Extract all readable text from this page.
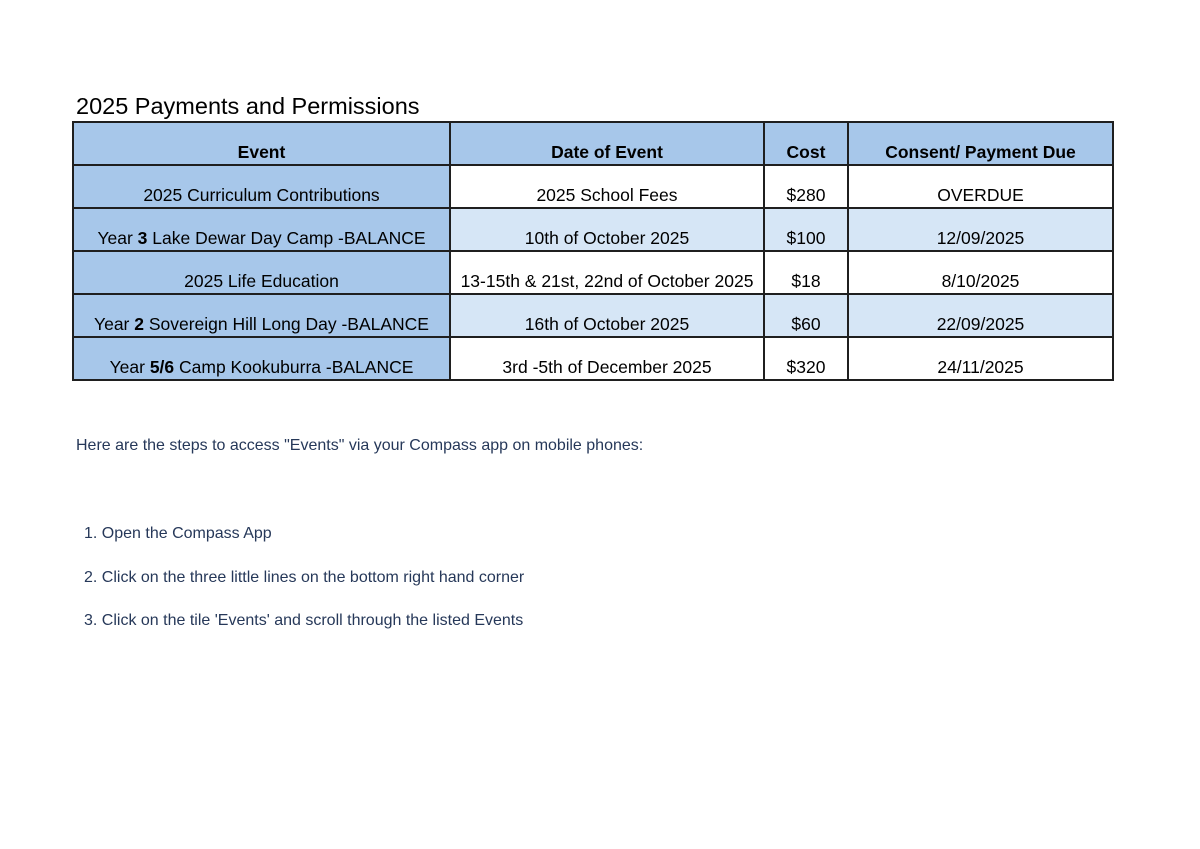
2025 Payments and Permissions
Event	Date of Event	Cost	Consent/ Payment Due
2025 Curriculum Contributions	2025 School Fees	$280	OVERDUE
Year 3 Lake Dewar Day Camp -BALANCE	10th of October 2025	$100	12/09/2025
2025 Life Education	13-15th & 21st, 22nd of October 2025	$18	8/10/2025
Year 2 Sovereign Hill Long Day -BALANCE	16th of October 2025	$60	22/09/2025
Year 5/6 Camp Kookuburra -BALANCE	3rd -5th of December 2025	$320	24/11/2025
Here are the steps to access "Events" via your Compass app on mobile phones:
1. Open the Compass App
2. Click on the three little lines on the bottom right hand corner
3. Click on the tile 'Events' and scroll through the listed Events
